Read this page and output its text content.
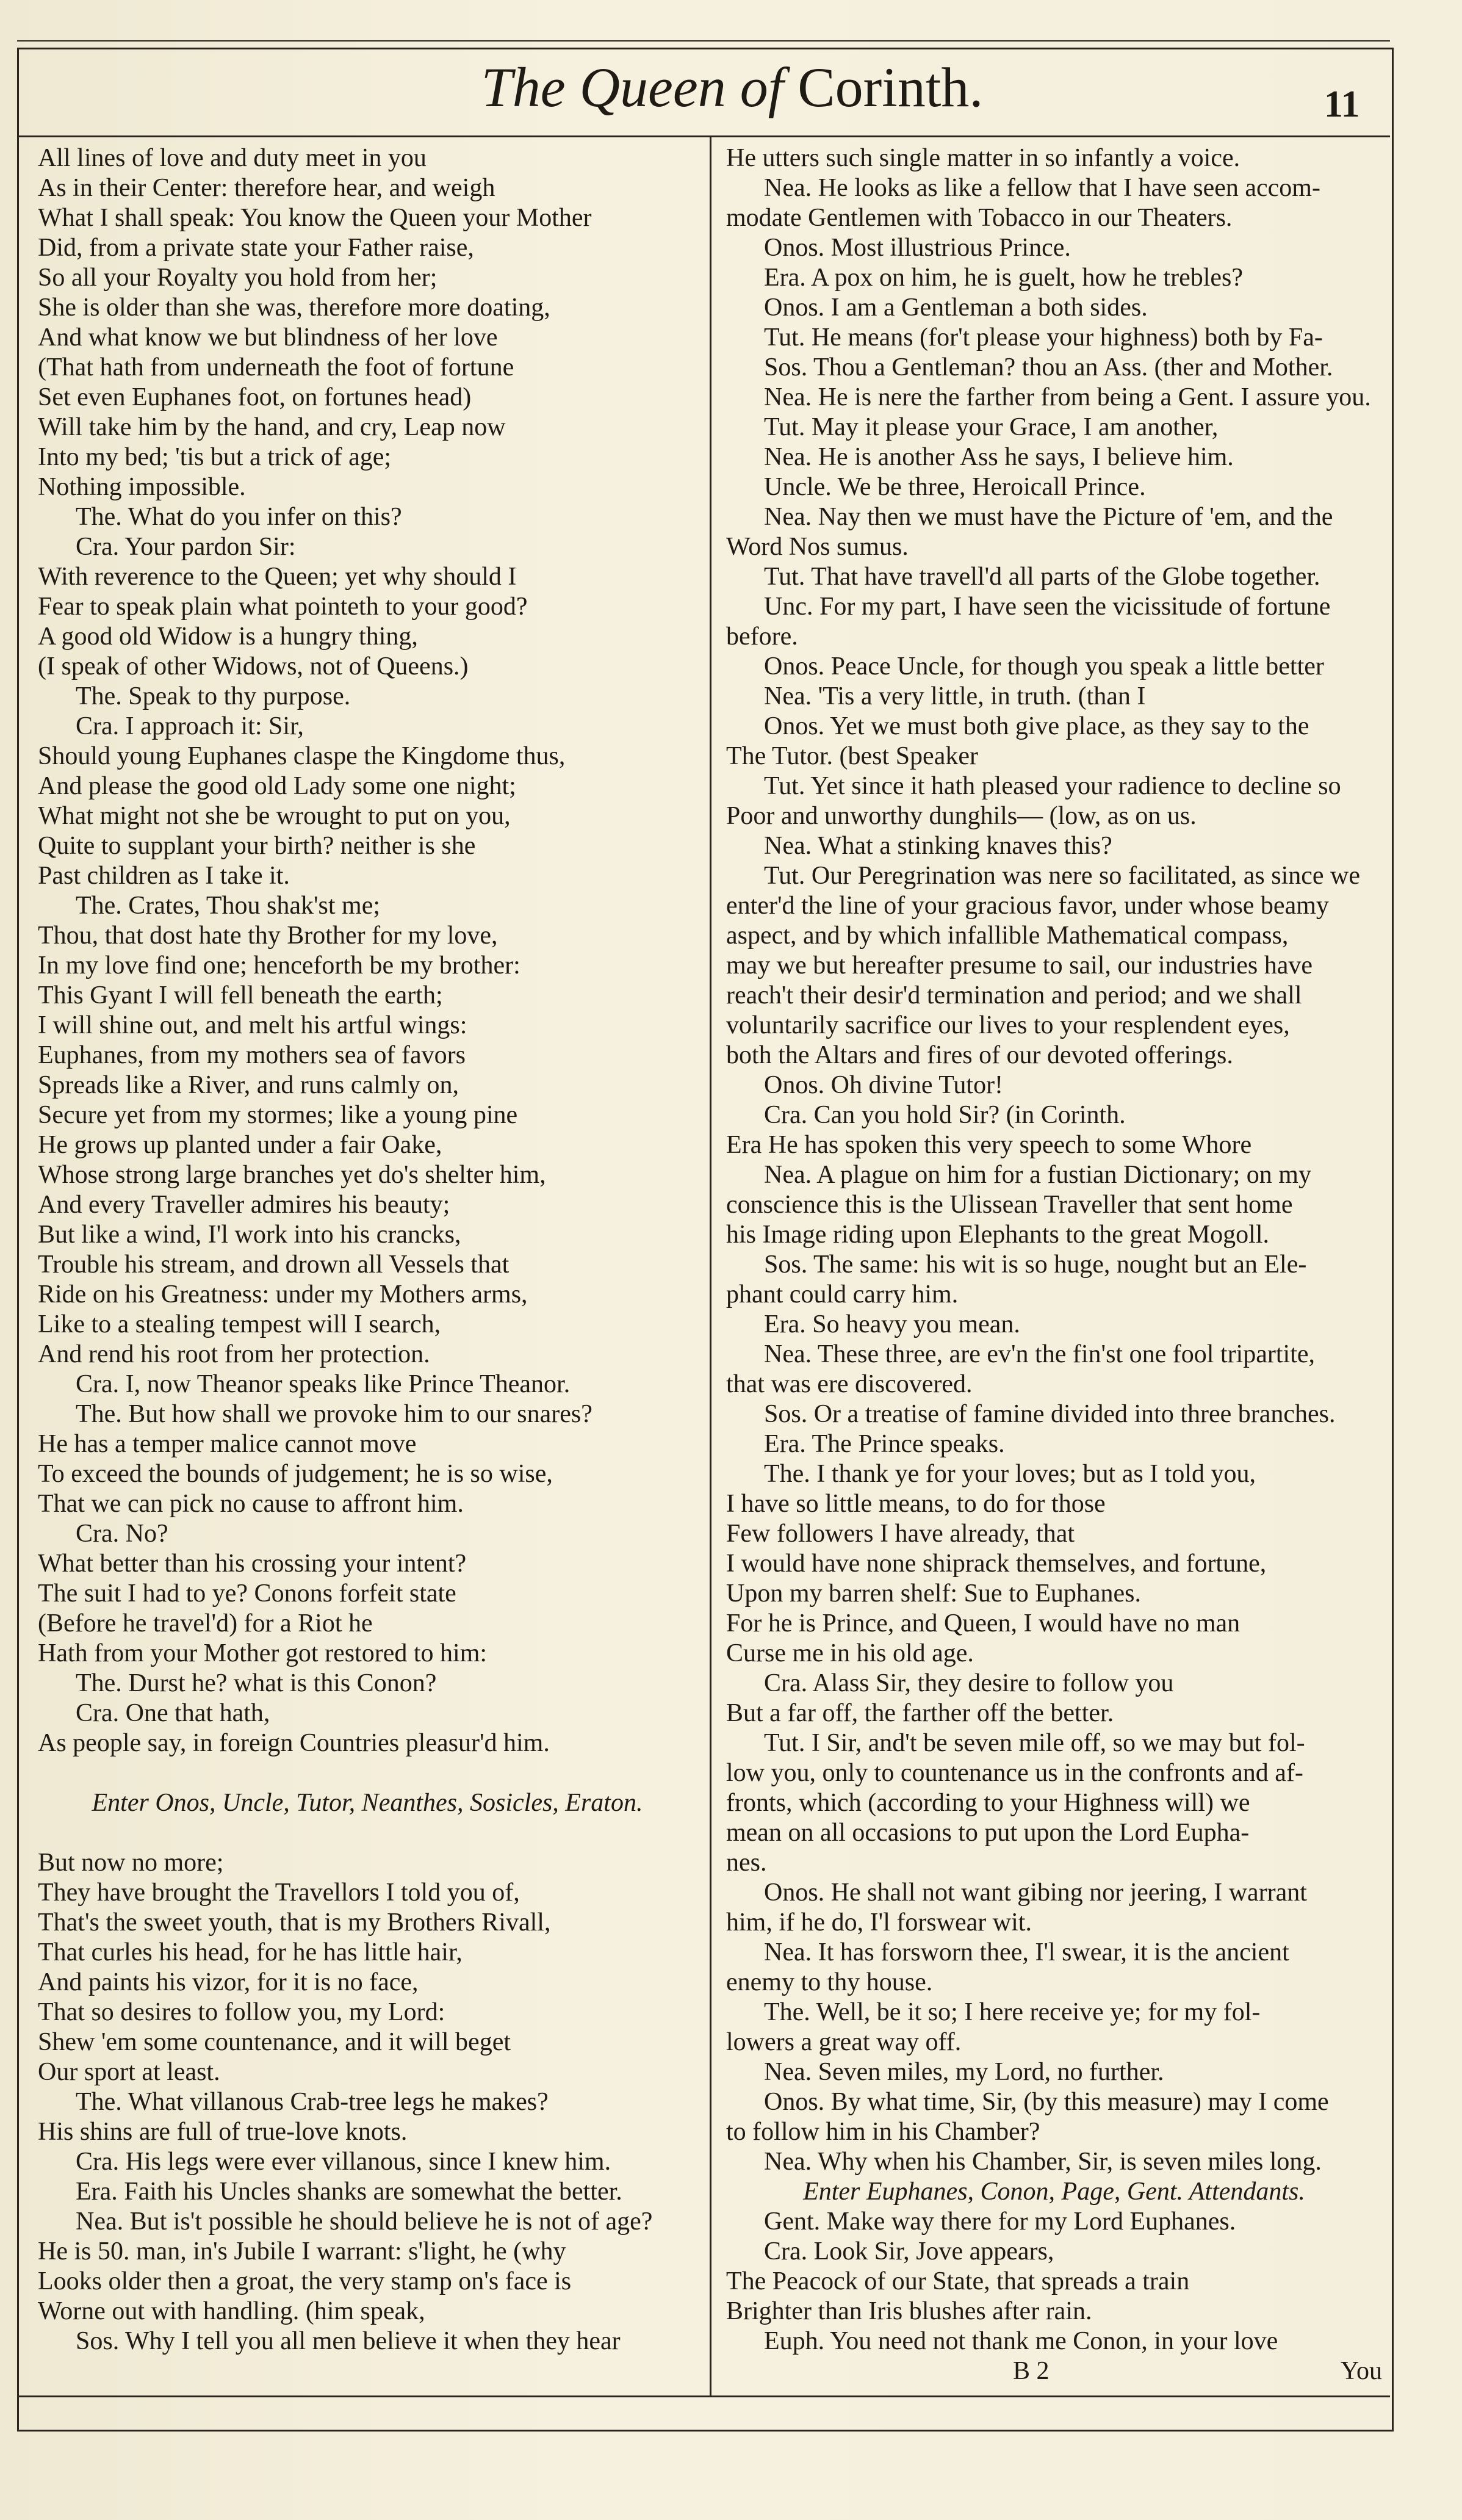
The Queen of Corinth.	11
All lines of love and duty meet in you
As in their Center: therefore hear, and weigh
What I shall speak: You know the Queen your Mother
Did, from a private state your Father raise,
So all your Royalty you hold from her;
She is older than she was, therefore more doating,
And what know we but blindness of her love
(That hath from underneath the foot of fortune
Set even Euphanes foot, on fortunes head)
Will take him by the hand, and cry, Leap now
Into my bed; 'tis but a trick of age;
Nothing impossible.
The. What do you infer on this?
Cra. Your pardon Sir:
With reverence to the Queen; yet why should I
Fear to speak plain what pointeth to your good?
A good old Widow is a hungry thing,
(I speak of other Widows, not of Queens.)
The. Speak to thy purpose.
Cra. I approach it: Sir,
Should young Euphanes claspe the Kingdome thus,
And please the good old Lady some one night;
What might not she be wrought to put on you,
Quite to supplant your birth? neither is she
Past children as I take it.
The. Crates, Thou shak'st me;
Thou, that dost hate thy Brother for my love,
In my love find one; henceforth be my brother:
This Gyant I will fell beneath the earth;
I will shine out, and melt his artful wings:
Euphanes, from my mothers sea of favors
Spreads like a River, and runs calmly on,
Secure yet from my stormes; like a young pine
He grows up planted under a fair Oake,
Whose strong large branches yet do's shelter him,
And every Traveller admires his beauty;
But like a wind, I'l work into his crancks,
Trouble his stream, and drown all Vessels that
Ride on his Greatness: under my Mothers arms,
Like to a stealing tempest will I search,
And rend his root from her protection.
Cra. I, now Theanor speaks like Prince Theanor.
The. But how shall we provoke him to our snares?
He has a temper malice cannot move
To exceed the bounds of judgement; he is so wise,
That we can pick no cause to affront him.
Cra. No?
What better than his crossing your intent?
The suit I had to ye? Conons forfeit state
(Before he travel'd) for a Riot he
Hath from your Mother got restored to him:
The. Durst he? what is this Conon?
Cra. One that hath,
As people say, in foreign Countries pleasur'd him.
Enter Onos, Uncle, Tutor, Neanthes, Sosicles, Eraton.
But now no more;
They have brought the Travellors I told you of,
That's the sweet youth, that is my Brothers Rivall,
That curles his head, for he has little hair,
And paints his vizor, for it is no face,
That so desires to follow you, my Lord:
Shew 'em some countenance, and it will beget
Our sport at least.
The. What villanous Crab-tree legs he makes?
His shins are full of true-love knots.
Cra. His legs were ever villanous, since I knew him.
Era. Faith his Uncles shanks are somewhat the better.
Nea. But is't possible he should believe he is not of age?
He is 50. man, in's Jubile I warrant: s'light, he (why
Looks older then a groat, the very stamp on's face is
Worne out with handling. (him speak,
Sos. Why I tell you all men believe it when they hear
He utters such single matter in so infantly a voice.
Nea. He looks as like a fellow that I have seen accom-
modate Gentlemen with Tobacco in our Theaters.
Onos. Most illustrious Prince.
Era. A pox on him, he is guelt, how he trebles?
Onos. I am a Gentleman a both sides.
Tut. He means (for't please your highness) both by Fa-
Sos. Thou a Gentleman? thou an Ass. (ther and Mother.
Nea. He is nere the farther from being a Gent. I assure you.
Tut. May it please your Grace, I am another,
Nea. He is another Ass he says, I believe him.
Uncle. We be three, Heroicall Prince.
Nea. Nay then we must have the Picture of 'em, and the
Word Nos sumus.
Tut. That have travell'd all parts of the Globe together.
Unc. For my part, I have seen the vicissitude of fortune
before.
Onos. Peace Uncle, for though you speak a little better
Nea. 'Tis a very little, in truth. (than I
Onos. Yet we must both give place, as they say to the
The Tutor. (best Speaker
Tut. Yet since it hath pleased your radience to decline so
Poor and unworthy dunghils— (low, as on us.
Nea. What a stinking knaves this?
Tut. Our Peregrination was nere so facilitated, as since we
enter'd the line of your gracious favor, under whose beamy
aspect, and by which infallible Mathematical compass,
may we but hereafter presume to sail, our industries have
reach't their desir'd termination and period; and we shall
voluntarily sacrifice our lives to your resplendent eyes,
both the Altars and fires of our devoted offerings.
Onos. Oh divine Tutor!
Cra. Can you hold Sir? (in Corinth.
Era He has spoken this very speech to some Whore
Nea. A plague on him for a fustian Dictionary; on my
conscience this is the Ulissean Traveller that sent home
his Image riding upon Elephants to the great Mogoll.
Sos. The same: his wit is so huge, nought but an Ele-
phant could carry him.
Era. So heavy you mean.
Nea. These three, are ev'n the fin'st one fool tripartite,
that was ere discovered.
Sos. Or a treatise of famine divided into three branches.
Era. The Prince speaks.
The. I thank ye for your loves; but as I told you,
I have so little means, to do for those
Few followers I have already, that
I would have none shiprack themselves, and fortune,
Upon my barren shelf: Sue to Euphanes.
For he is Prince, and Queen, I would have no man
Curse me in his old age.
Cra. Alass Sir, they desire to follow you
But a far off, the farther off the better.
Tut. I Sir, and't be seven mile off, so we may but fol-
low you, only to countenance us in the confronts and af-
fronts, which (according to your Highness will) we
mean on all occasions to put upon the Lord Eupha-
nes.
Onos. He shall not want gibing nor jeering, I warrant
him, if he do, I'l forswear wit.
Nea. It has forsworn thee, I'l swear, it is the ancient
enemy to thy house.
The. Well, be it so; I here receive ye; for my fol-
lowers a great way off.
Nea. Seven miles, my Lord, no further.
Onos. By what time, Sir, (by this measure) may I come
to follow him in his Chamber?
Nea. Why when his Chamber, Sir, is seven miles long.
Enter Euphanes, Conon, Page, Gent. Attendants.
Gent. Make way there for my Lord Euphanes.
Cra. Look Sir, Jove appears,
The Peacock of our State, that spreads a train
Brighter than Iris blushes after rain.
Euph. You need not thank me Conon, in your love
B 2	You
